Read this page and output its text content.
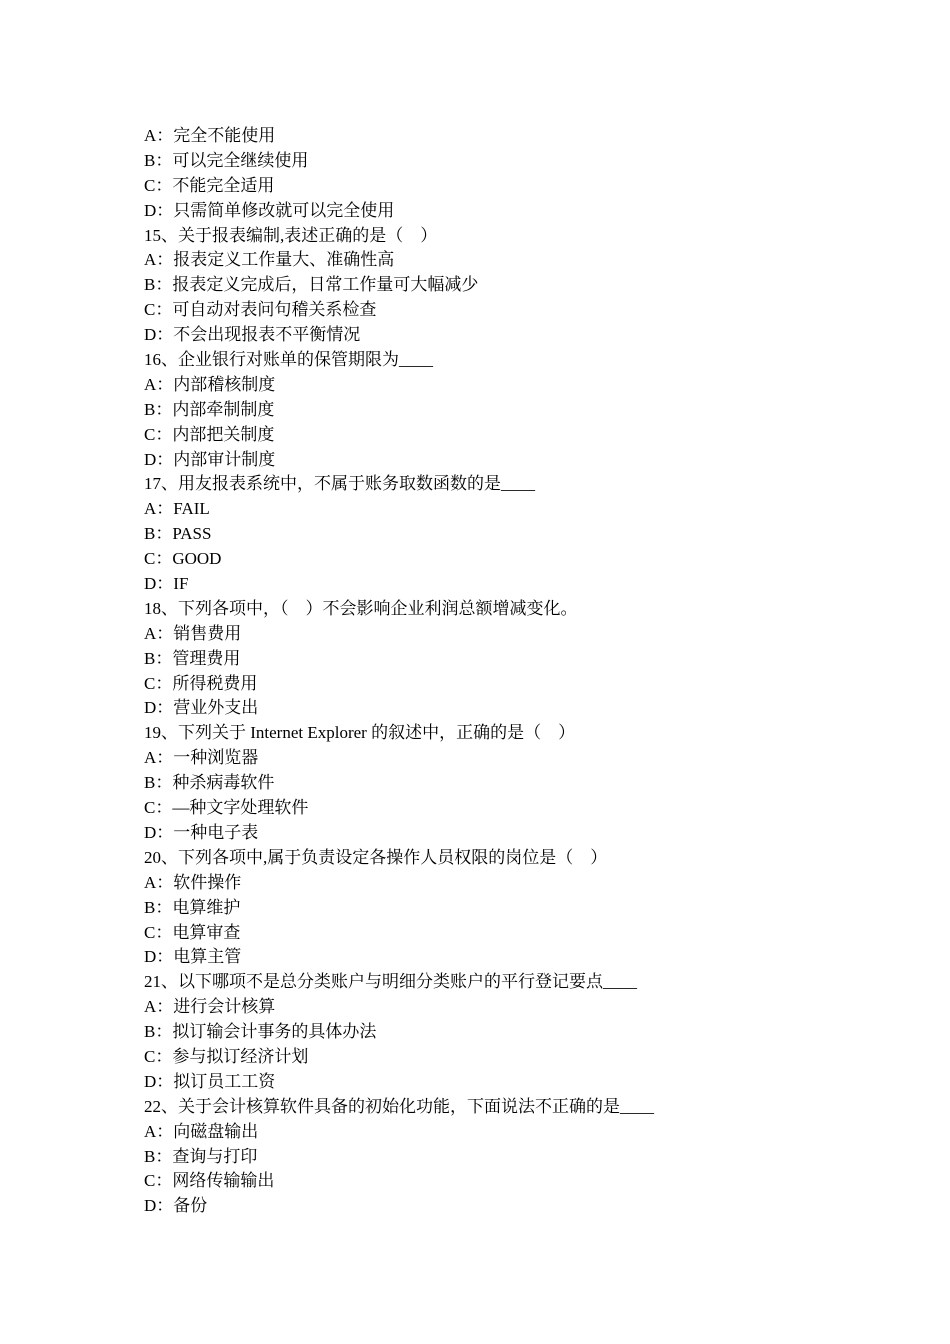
A：完全不能使用
B：可以完全继续使用
C：不能完全适用
D：只需简单修改就可以完全使用
15、关于报表编制,表述正确的是（　）
A：报表定义工作量大、准确性高
B：报表定义完成后，日常工作量可大幅减少
C：可自动对表问句稽关系检查
D：不会出现报表不平衡情况
16、企业银行对账单的保管期限为____
A：内部稽核制度
B：内部牵制制度
C：内部把关制度
D：内部审计制度
17、用友报表系统中，不属于账务取数函数的是____
A：FAIL
B：PASS
C：GOOD
D：IF
18、下列各项中，（　）不会影响企业利润总额增减变化。
A：销售费用
B：管理费用
C：所得税费用
D：营业外支出
19、下列关于 Internet Explorer 的叙述中，正确的是（　）
A：一种浏览器
B：种杀病毒软件
C：—种文字处理软件
D：一种电子表
20、下列各项中,属于负责设定各操作人员权限的岗位是（　）
A：软件操作
B：电算维护
C：电算审查
D：电算主管
21、以下哪项不是总分类账户与明细分类账户的平行登记要点____
A：进行会计核算
B：拟订输会计事务的具体办法
C：参与拟订经济计划
D：拟订员工工资
22、关于会计核算软件具备的初始化功能，下面说法不正确的是____
A：向磁盘输出
B：查询与打印
C：网络传输输出
D：备份
